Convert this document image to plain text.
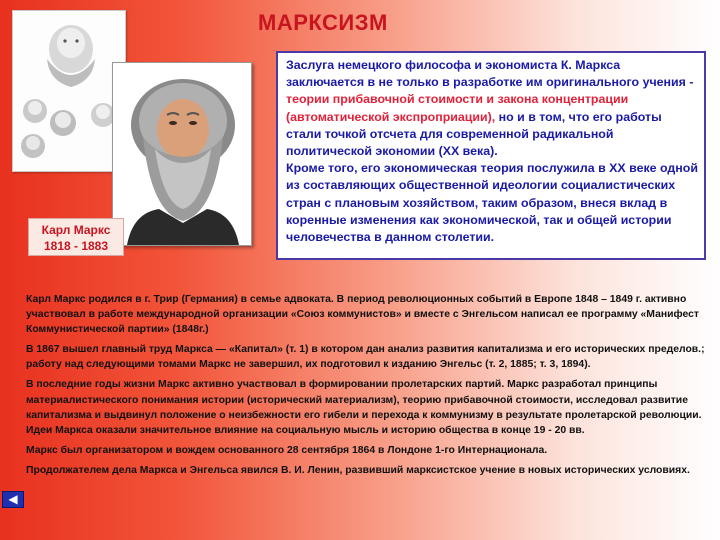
МАРКСИЗМ
Карл Маркс
1818 - 1883
Заслуга немецкого философа и экономиста К. Маркса заключается в не только в разработке им оригинального учения - теории прибавочной стоимости и закона концентрации (автоматической экспроприации), но и в том, что его работы стали точкой отсчета для современной радикальной политической экономии (ХХ века).
Кроме того, его экономическая теория послужила в ХХ веке одной из составляющих общественной идеологии социалистических стран с плановым хозяйством, таким образом, внеся вклад в коренные изменения как экономической, так и общей истории человечества в данном столетии.

Карл Маркс родился в г. Трир (Германия) в семье адвоката. В период революционных событий в Европе 1848 – 1849 г. активно участвовал в работе международной организации «Союз коммунистов» и вместе с Энгельсом написал ее программу «Манифест Коммунистической партии» (1848г.)

В 1867 вышел главный труд Маркса — «Капитал» (т. 1) в котором дан анализ развития капитализма и его исторических пределов.; работу над следующими томами Маркс не завершил, их подготовил к изданию Энгельс (т. 2, 1885; т. 3, 1894).

В последние годы жизни Маркс активно участвовал в формировании пролетарских партий. Маркс разработал принципы материалистического понимания истории (исторический материализм), теорию прибавочной стоимости, исследовал развитие капитализма и выдвинул положение о неизбежности его гибели и перехода к коммунизму в результате пролетарской революции. Идеи Маркса оказали значительное влияние на социальную мысль и историю общества в конце 19 - 20 вв.

Маркс был организатором и вождем основанного 28 сентября 1864 в Лондоне 1-го Интернационала.

Продолжателем дела Маркса и Энгельса явился В. И. Ленин, развивший марксистское учение в новых исторических условиях.

◀
